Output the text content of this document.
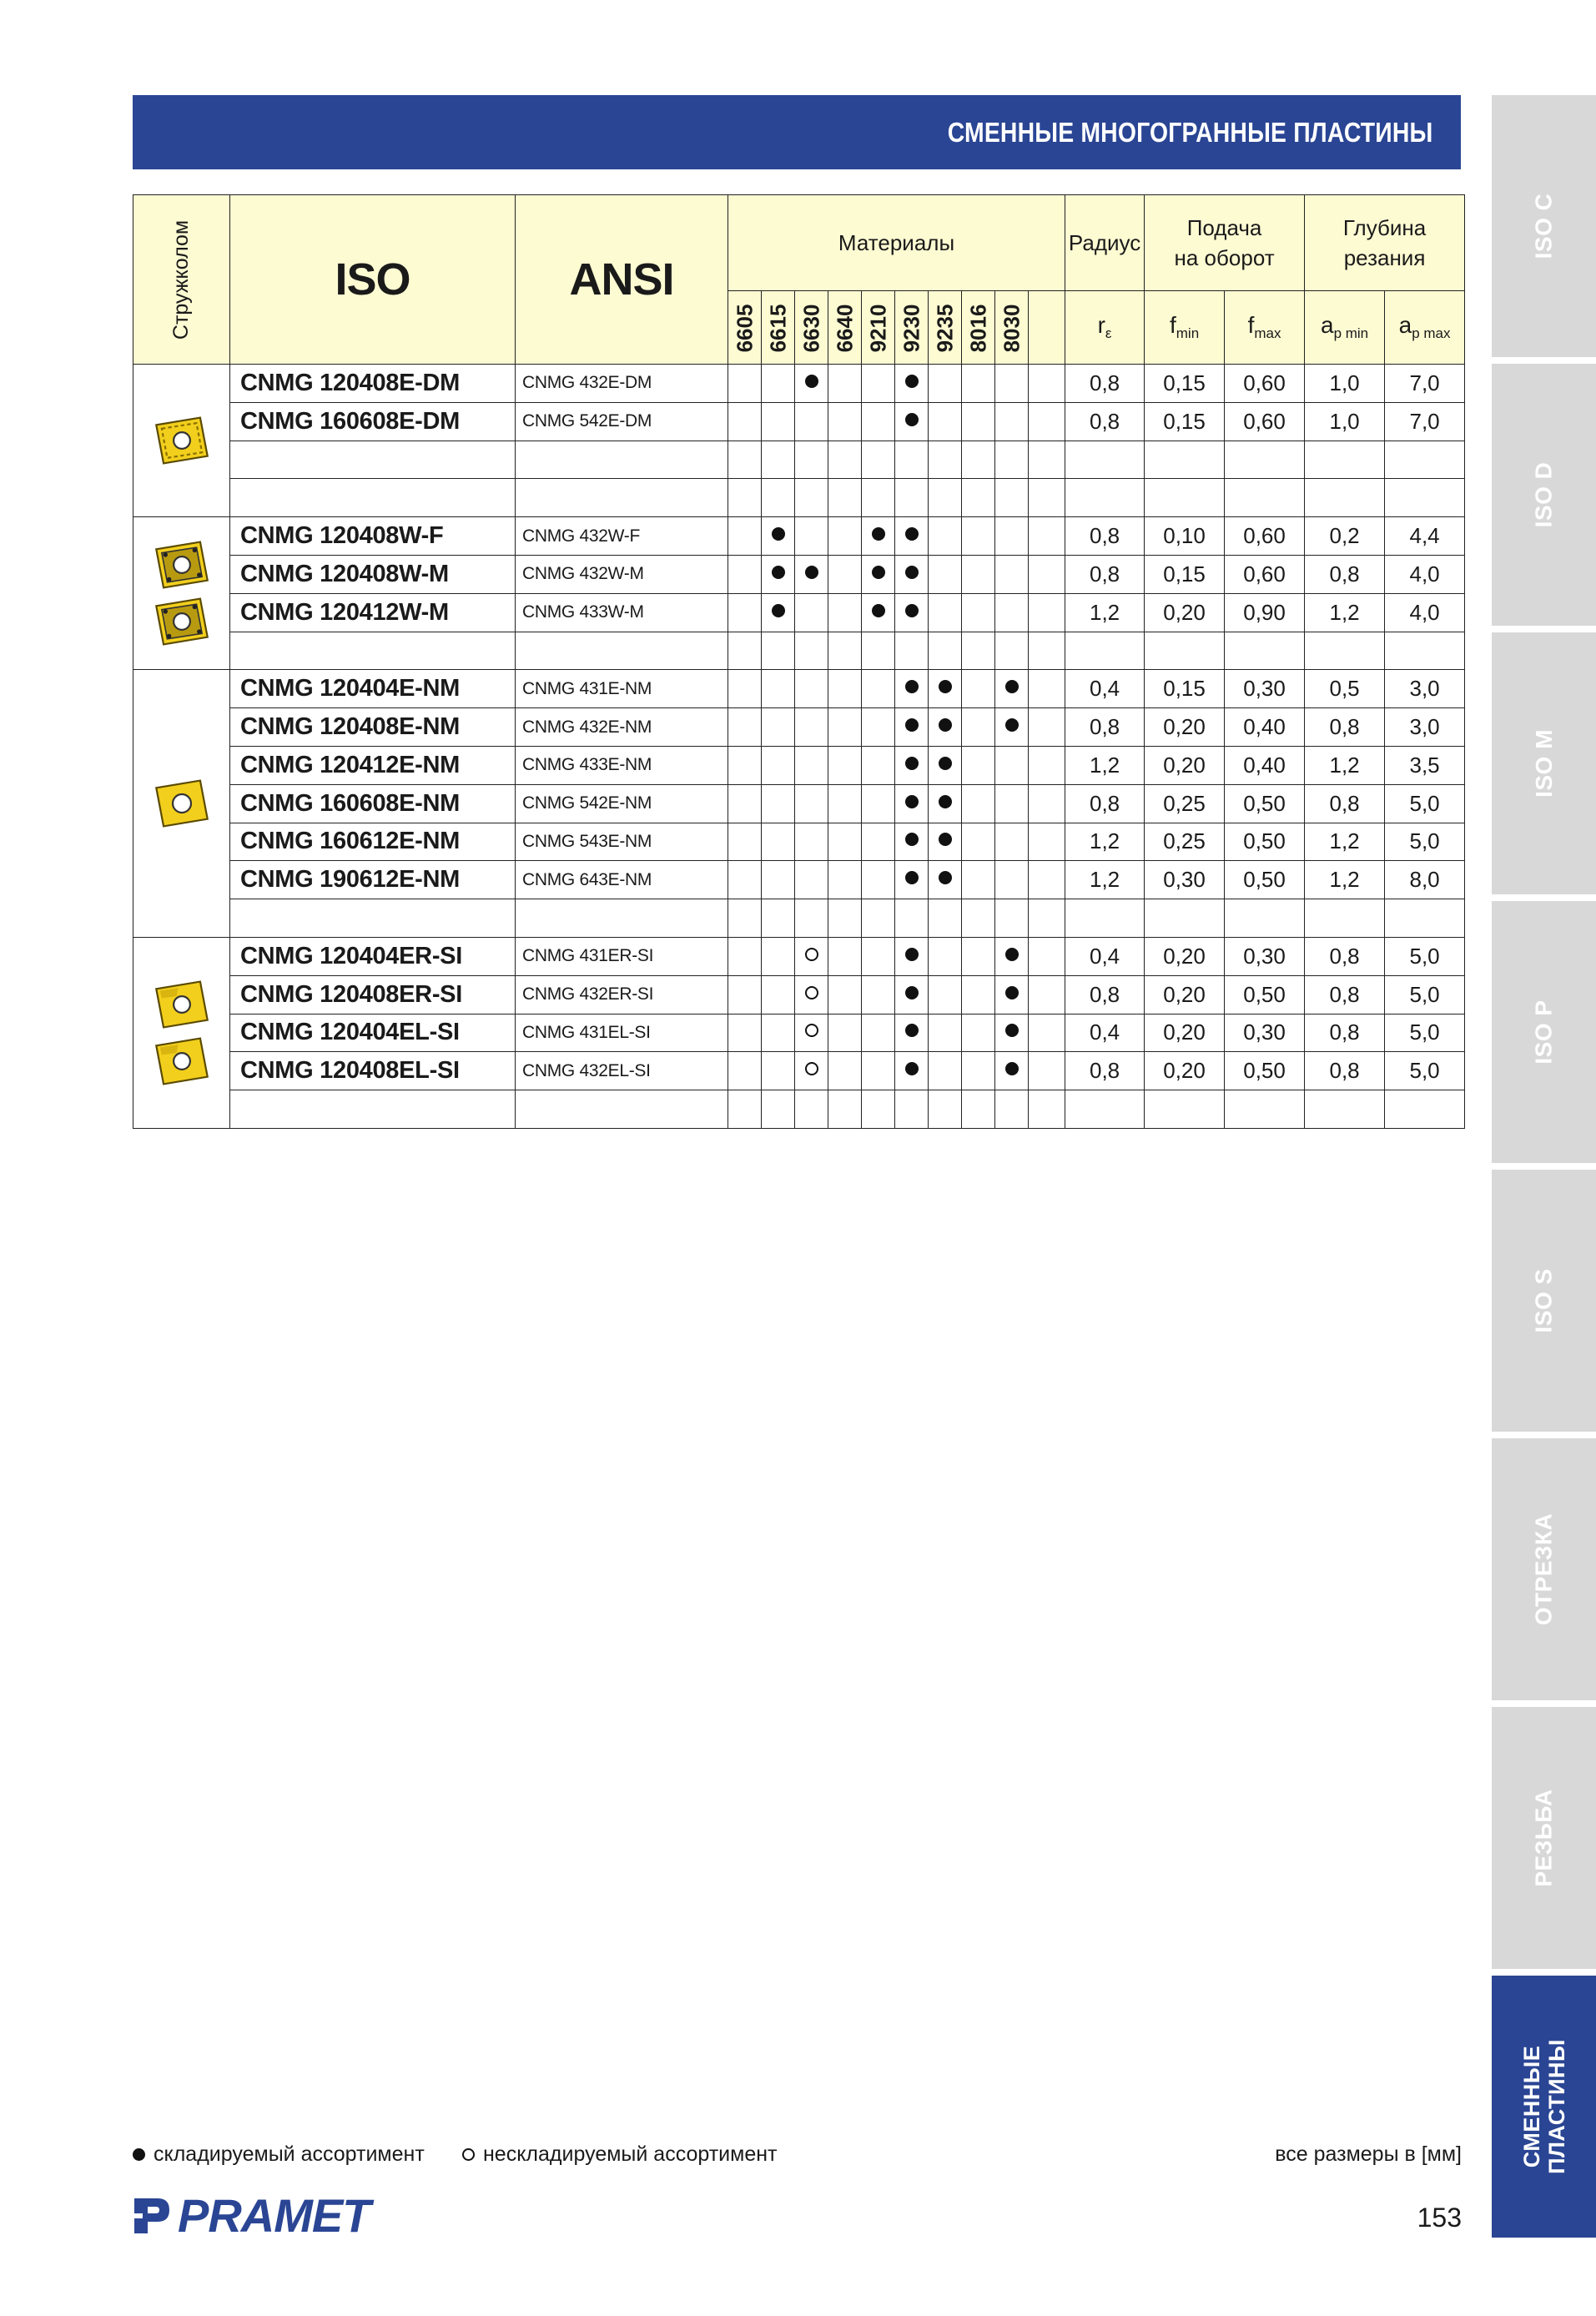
СМЕННЫЕ МНОГОГРАННЫЕ ПЛАСТИНЫ
ISO C
ISO D
ISO M
ISO P
ISO S
ОТРЕЗКА
РЕЗЬБА
СМЕННЫЕ
ПЛАСТИНЫ
Стружколом	ISO	ANSI	Материалы										Радиус	Подача
на оборот		Глубина
резания	

			6605	6615	6630	6640	9210	9230	9235	8016	8030		$r_\varepsilon$	$f_{min}$	$f_{max}$	$a_{p min}$	$a_{p max}$

	CNMG 120408E-DM	CNMG 432E-DM											0,8	0,15	0,60	1,0	7,0
	CNMG 160608E-DM	CNMG 542E-DM											0,8	0,15	0,60	1,0	7,0

	CNMG 120408W-F	CNMG 432W-F											0,8	0,10	0,60	0,2	4,4
	CNMG 120408W-M	CNMG 432W-M											0,8	0,15	0,60	0,8	4,0
	CNMG 120412W-M	CNMG 433W-M											1,2	0,20	0,90	1,2	4,0

	CNMG 120404E-NM	CNMG 431E-NM											0,4	0,15	0,30	0,5	3,0
	CNMG 120408E-NM	CNMG 432E-NM											0,8	0,20	0,40	0,8	3,0
	CNMG 120412E-NM	CNMG 433E-NM											1,2	0,20	0,40	1,2	3,5
	CNMG 160608E-NM	CNMG 542E-NM											0,8	0,25	0,50	0,8	5,0
	CNMG 160612E-NM	CNMG 543E-NM											1,2	0,25	0,50	1,2	5,0
	CNMG 190612E-NM	CNMG 643E-NM											1,2	0,30	0,50	1,2	8,0

	CNMG 120404ER-SI	CNMG 431ER-SI											0,4	0,20	0,30	0,8	5,0
	CNMG 120408ER-SI	CNMG 432ER-SI											0,8	0,20	0,50	0,8	5,0
	CNMG 120404EL-SI	CNMG 431EL-SI											0,4	0,20	0,30	0,8	5,0
	CNMG 120408EL-SI	CNMG 432EL-SI											0,8	0,20	0,50	0,8	5,0

складируемый ассортимент	нескладируемый ассортимент	все размеры в [мм]
PRAMET	153
